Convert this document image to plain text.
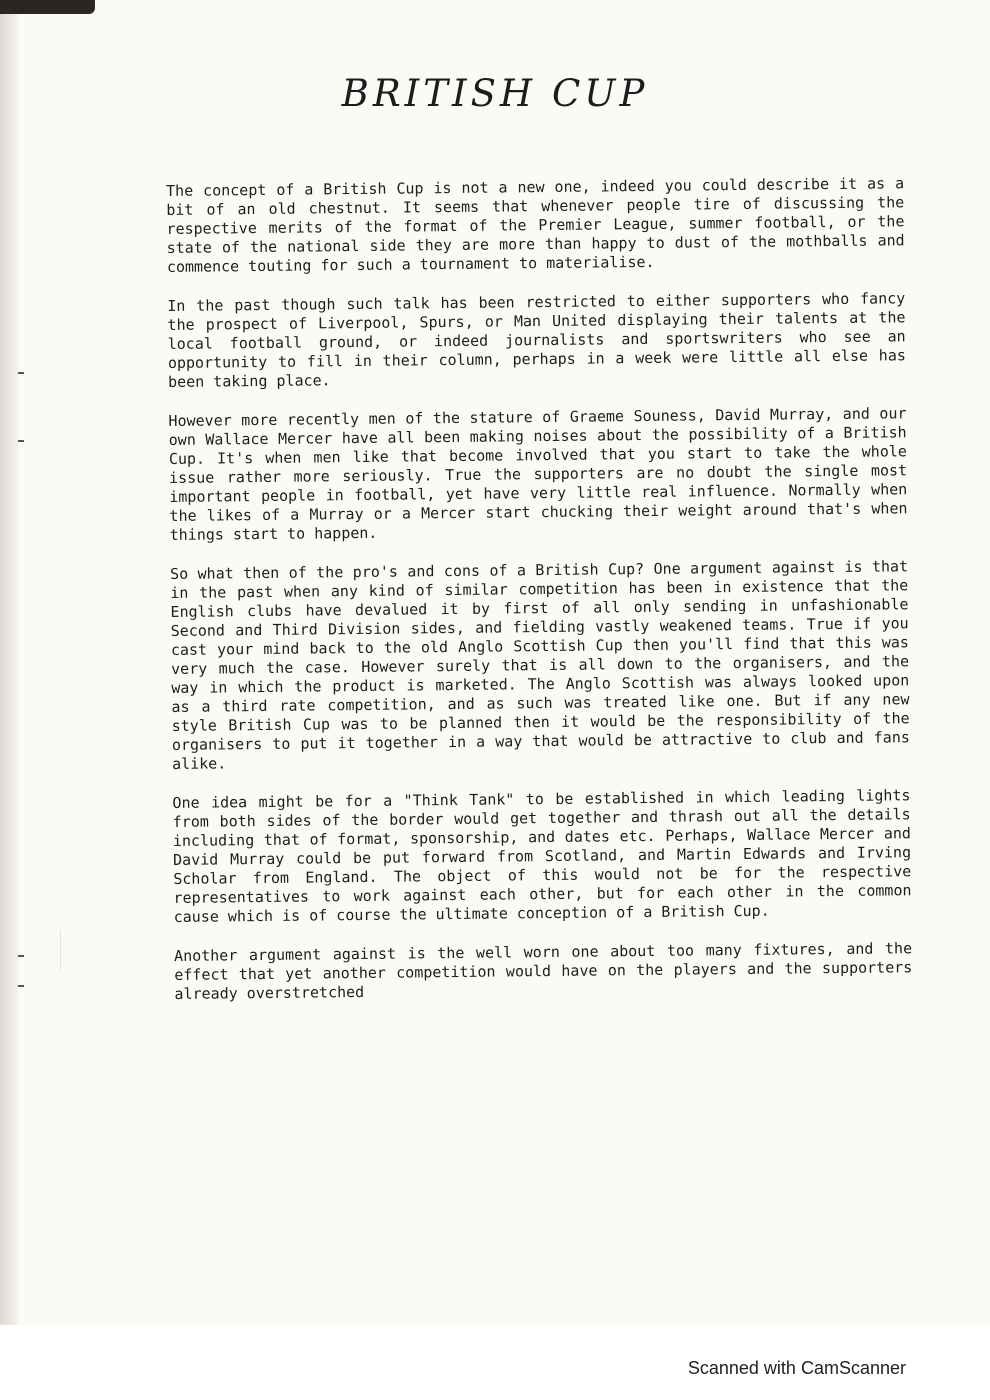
BRITISH CUP

The concept of a British Cup is not a new one, indeed you could describe it as a bit of an old chestnut. It seems that whenever people tire of discussing the respective merits of the format of the Premier League, summer football, or the state of the national side they are more than happy to dust of the mothballs and commence touting for such a tournament to materialise.

In the past though such talk has been restricted to either supporters who fancy the prospect of Liverpool, Spurs, or Man United displaying their talents at the local football ground, or indeed journalists and sportswriters who see an opportunity to fill in their column, perhaps in a week were little all else has been taking place.

However more recently men of the stature of Graeme Souness, David Murray, and our own Wallace Mercer have all been making noises about the possibility of a British Cup. It's when men like that become involved that you start to take the whole issue rather more seriously. True the supporters are no doubt the single most important people in football, yet have very little real influence. Normally when the likes of a Murray or a Mercer start chucking their weight around that's when things start to happen.

So what then of the pro's and cons of a British Cup? One argument against is that in the past when any kind of similar competition has been in existence that the English clubs have devalued it by first of all only sending in unfashionable Second and Third Division sides, and fielding vastly weakened teams. True if you cast your mind back to the old Anglo Scottish Cup then you'll find that this was very much the case. However surely that is all down to the organisers, and the way in which the product is marketed. The Anglo Scottish was always looked upon as a third rate competition, and as such was treated like one. But if any new style British Cup was to be planned then it would be the responsibility of the organisers to put it together in a way that would be attractive to club and fans alike.

One idea might be for a "Think Tank" to be established in which leading lights from both sides of the border would get together and thrash out all the details including that of format, sponsorship, and dates etc. Perhaps, Wallace Mercer and David Murray could be put forward from Scotland, and Martin Edwards and Irving Scholar from England. The object of this would not be for the respective representatives to work against each other, but for each other in the common cause which is of course the ultimate conception of a British Cup.

Another argument against is the well worn one about too many fixtures, and the effect that yet another competition would have on the players and the supporters already overstretched

Scanned with CamScanner
